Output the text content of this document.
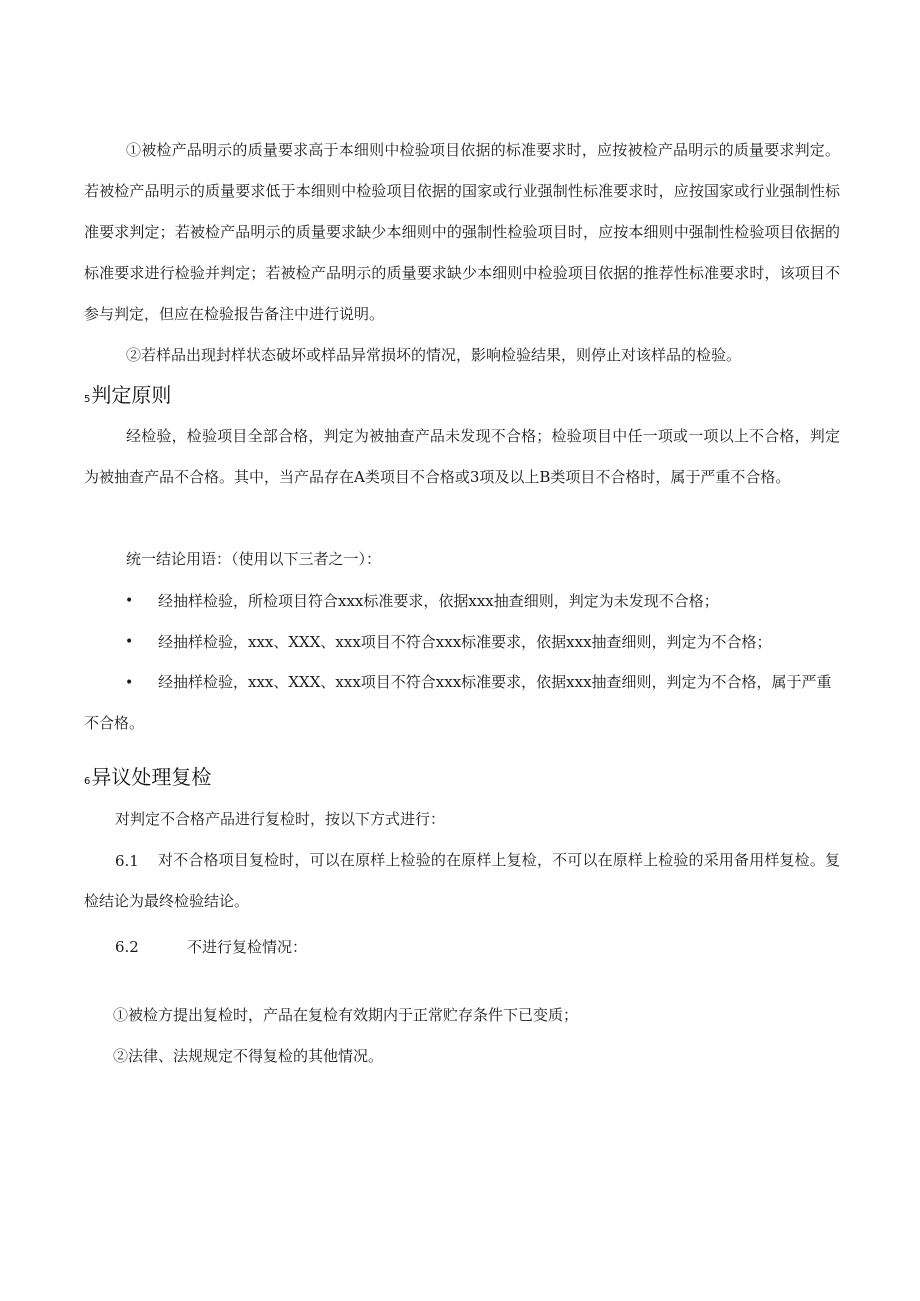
①被检产品明示的质量要求高于本细则中检验项目依据的标准要求时，应按被检产品明示的质量要求判定。若被检产品明示的质量要求低于本细则中检验项目依据的国家或行业强制性标准要求时，应按国家或行业强制性标准要求判定；若被检产品明示的质量要求缺少本细则中的强制性检验项目时，应按本细则中强制性检验项目依据的标准要求进行检验并判定；若被检产品明示的质量要求缺少本细则中检验项目依据的推荐性标准要求时，该项目不参与判定，但应在检验报告备注中进行说明。

②若样品出现封样状态破坏或样品异常损坏的情况，影响检验结果，则停止对该样品的检验。

5判定原则

经检验，检验项目全部合格，判定为被抽查产品未发现不合格；检验项目中任一项或一项以上不合格，判定为被抽查产品不合格。其中，当产品存在A类项目不合格或3项及以上B类项目不合格时，属于严重不合格。

统一结论用语：（使用以下三者之一）：

• 经抽样检验，所检项目符合xxx标准要求，依据xxx抽查细则，判定为未发现不合格；
• 经抽样检验，xxx、XXX、xxx项目不符合xxx标准要求，依据xxx抽查细则，判定为不合格；
•	经抽样检验，xxx、XXX、xxx项目不符合xxx标准要求，依据xxx抽查细则，判定为不合格，属于严重不合格。

6异议处理复检

对判定不合格产品进行复检时，按以下方式进行：

6.1	对不合格项目复检时，可以在原样上检验的在原样上复检，不可以在原样上检验的采用备用样复检。复检结论为最终检验结论。

6.2	不进行复检情况：

①被检方提出复检时，产品在复检有效期内于正常贮存条件下已变质；

②法律、法规规定不得复检的其他情况。
